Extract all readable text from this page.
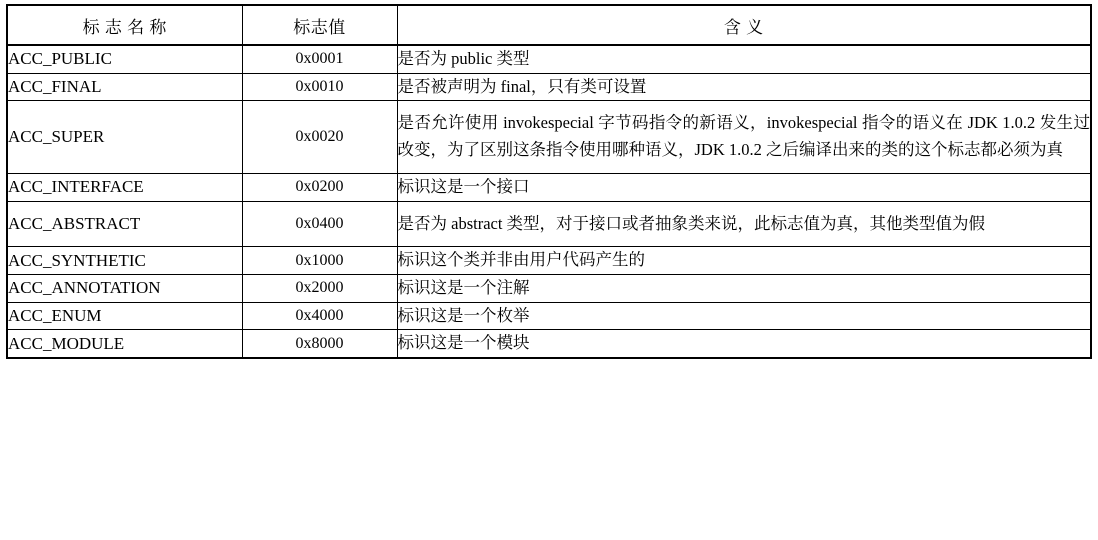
标 志 名 称	标志值	含 义
ACC_PUBLIC	0x0001	是否为 public 类型
ACC_FINAL	0x0010	是否被声明为 final，只有类可设置
ACC_SUPER	0x0020	是否允许使用 invokespecial 字节码指令的新语义，invokespecial 指令的语义在 JDK 1.0.2 发生过改变，为了区别这条指令使用哪种语义，JDK 1.0.2 之后编译出来的类的这个标志都必须为真
ACC_INTERFACE	0x0200	标识这是一个接口
ACC_ABSTRACT	0x0400	是否为 abstract 类型，对于接口或者抽象类来说，此标志值为真，其他类型值为假
ACC_SYNTHETIC	0x1000	标识这个类并非由用户代码产生的
ACC_ANNOTATION	0x2000	标识这是一个注解
ACC_ENUM	0x4000	标识这是一个枚举
ACC_MODULE	0x8000	标识这是一个模块
